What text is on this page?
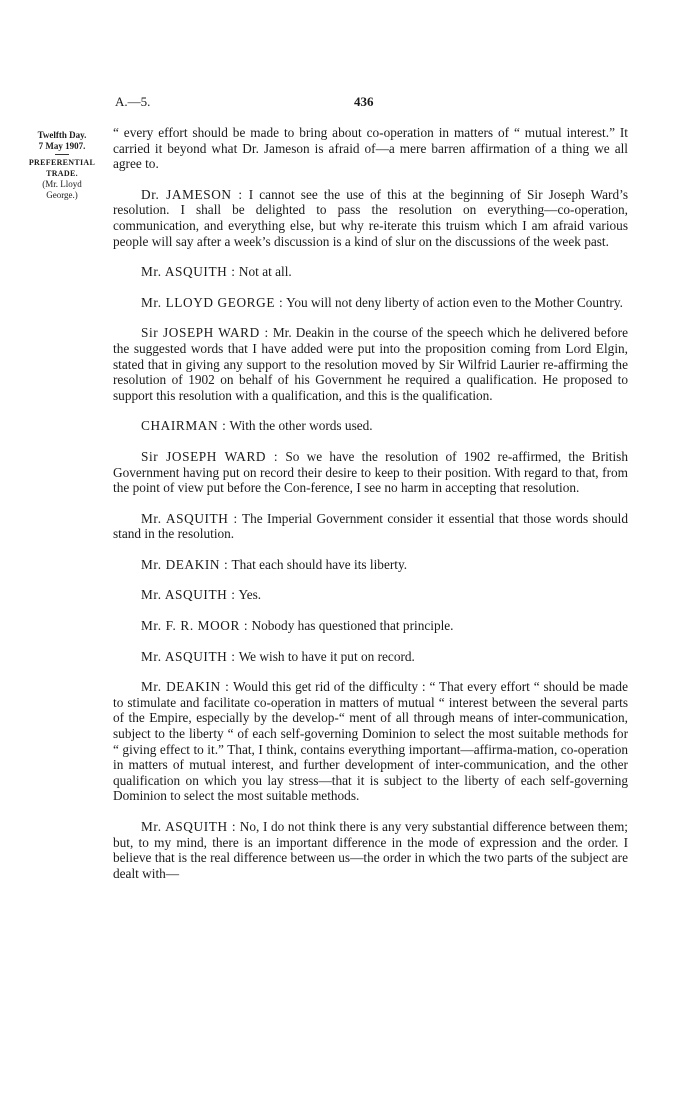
A.—5.	436
Twelfth Day.
7 May 1907.
PREFERENTIAL
TRADE.
(Mr. Lloyd
George.)

“ every effort should be made to bring about co-operation in matters of “ mutual interest.” It carried it beyond what Dr. Jameson is afraid of—a mere barren affirmation of a thing we all agree to.

Dr. JAMESON : I cannot see the use of this at the beginning of Sir Joseph Ward’s resolution. I shall be delighted to pass the resolution on everything—co-operation, communication, and everything else, but why re-iterate this truism which I am afraid various people will say after a week’s discussion is a kind of slur on the discussions of the week past.

Mr. ASQUITH : Not at all.

Mr. LLOYD GEORGE : You will not deny liberty of action even to the Mother Country.

Sir JOSEPH WARD : Mr. Deakin in the course of the speech which he delivered before the suggested words that I have added were put into the proposition coming from Lord Elgin, stated that in giving any support to the resolution moved by Sir Wilfrid Laurier re-affirming the resolution of 1902 on behalf of his Government he required a qualification. He proposed to support this resolution with a qualification, and this is the qualification.

CHAIRMAN : With the other words used.

Sir JOSEPH WARD : So we have the resolution of 1902 re-affirmed, the British Government having put on record their desire to keep to their position. With regard to that, from the point of view put before the Con-ference, I see no harm in accepting that resolution.

Mr. ASQUITH : The Imperial Government consider it essential that those words should stand in the resolution.

Mr. DEAKIN : That each should have its liberty.

Mr. ASQUITH : Yes.

Mr. F. R. MOOR : Nobody has questioned that principle.

Mr. ASQUITH : We wish to have it put on record.

Mr. DEAKIN : Would this get rid of the difficulty : “ That every effort “ should be made to stimulate and facilitate co-operation in matters of mutual “ interest between the several parts of the Empire, especially by the develop-“ ment of all through means of inter-communication, subject to the liberty “ of each self-governing Dominion to select the most suitable methods for “ giving effect to it.” That, I think, contains everything important—affirma-mation, co-operation in matters of mutual interest, and further development of inter-communication, and the other qualification on which you lay stress—that it is subject to the liberty of each self-governing Dominion to select the most suitable methods.

Mr. ASQUITH : No, I do not think there is any very substantial difference between them; but, to my mind, there is an important difference in the mode of expression and the order. I believe that is the real difference between us—the order in which the two parts of the subject are dealt with—
